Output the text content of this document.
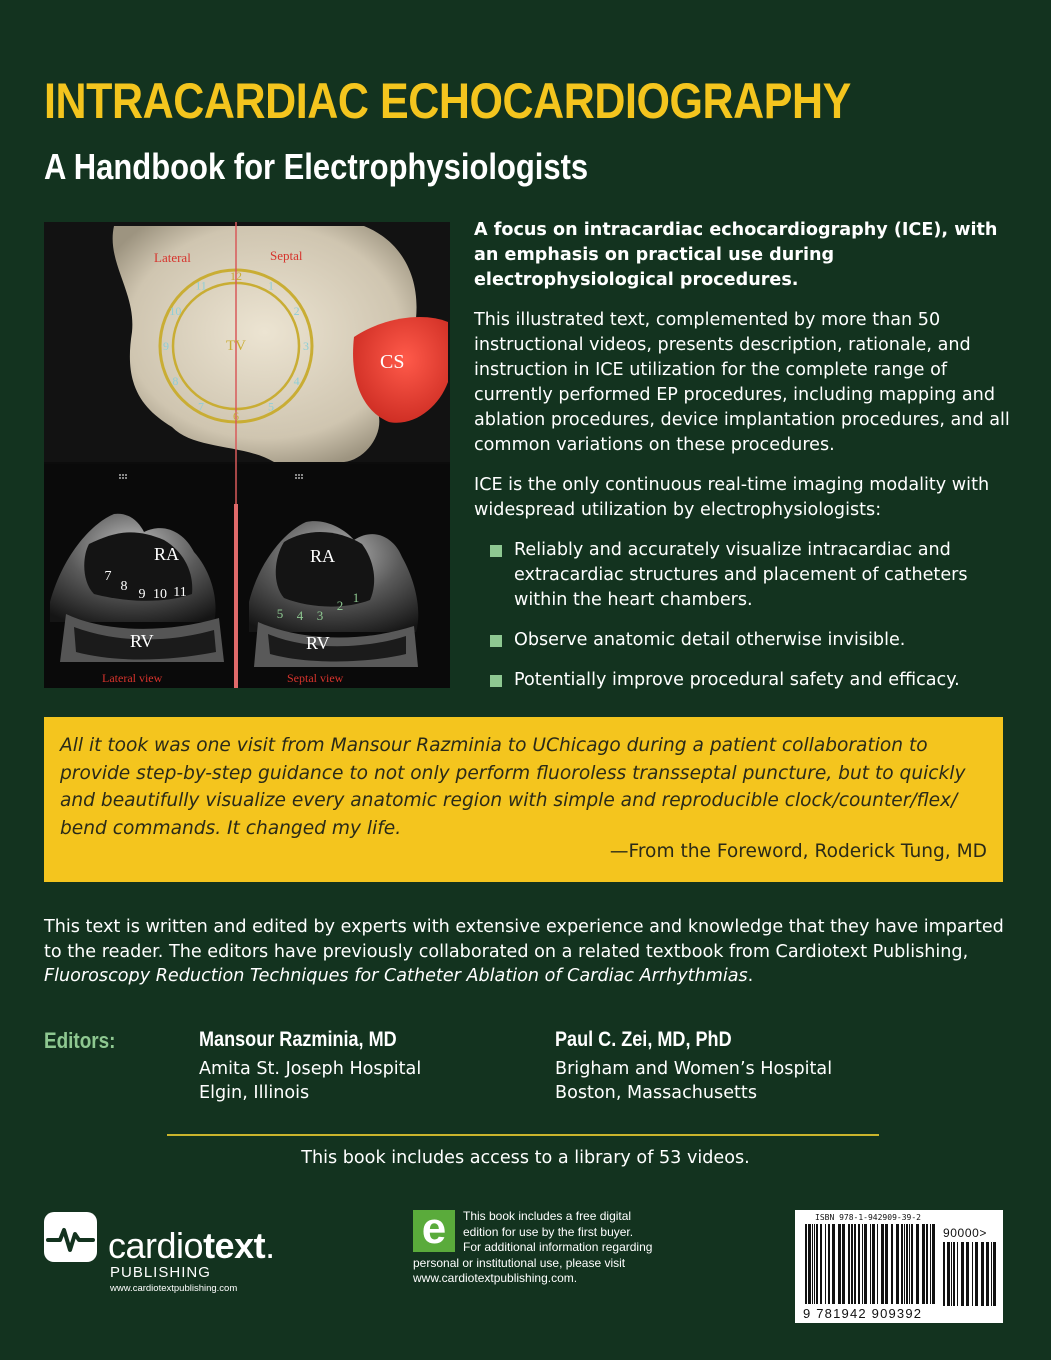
INTRACARDIAC ECHOCARDIOGRAPHY
A Handbook for Electrophysiologists
Lateral	Septal
TV
CS
12
1
2
3
4
5
6
7
8
9
10
11
RA
RV
RA
RV
7
8
9 10 11
5 4 3
2
1
Lateral view	Septal view

A focus on intracardiac echocardiography (ICE), with an emphasis on practical use during electrophysiological procedures.

This illustrated text, complemented by more than 50 instructional videos, presents description, rationale, and instruction in ICE utilization for the complete range of currently performed EP procedures, including mapping and ablation procedures, device implantation procedures, and all common variations on these procedures.

ICE is the only continuous real-time imaging modality with widespread utilization by electrophysiologists:

Reliably and accurately visualize intracardiac and extracardiac structures and placement of catheters within the heart chambers.
Observe anatomic detail otherwise invisible.
Potentially improve procedural safety and efficacy.
All it took was one visit from Mansour Razminia to UChicago during a patient collaboration to provide step-by-step guidance to not only perform fluoroless transseptal puncture, but to quickly and beautifully visualize every anatomic region with simple and reproducible clock/counter/flex/ bend commands. It changed my life.
—From the Foreword, Roderick Tung, MD
This text is written and edited by experts with extensive experience and knowledge that they have imparted to the reader. The editors have previously collaborated on a related textbook from Cardiotext Publishing, Fluoroscopy Reduction Techniques for Catheter Ablation of Cardiac Arrhythmias.
Editors:	Mansour Razminia, MD
Amita St. Joseph Hospital
Elgin, Illinois
Paul C. Zei, MD, PhD
Brigham and Women’s Hospital
Boston, Massachusetts
This book includes access to a library of 53 videos.
cardiotext.
PUBLISHING
www.cardiotextpublishing.com
e	This book includes a free digital
edition for use by the first buyer.
For additional information regarding
personal or institutional use, please visit
www.cardiotextpublishing.com.
ISBN 978-1-942909-39-2
90000>
9 781942 909392
